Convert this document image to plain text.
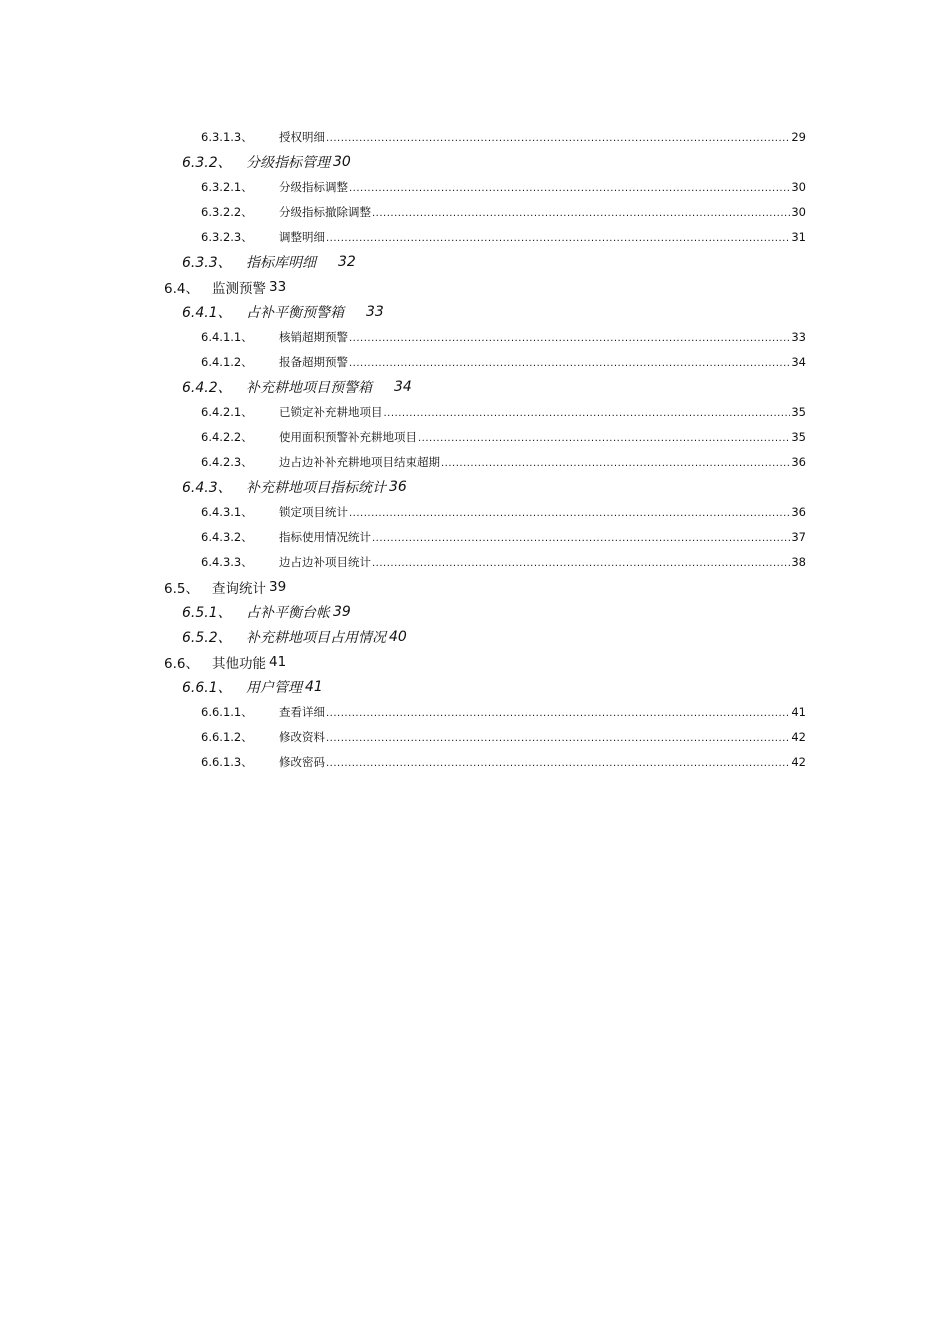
6.3.1.3、	授权明细 .....	29
6.3.2、	分级指标管理 30
6.3.2.1、	分级指标调整 .....	30
6.3.2.2、	分级指标撤除调整 .....	30
6.3.2.3、	调整明细 .....	31
6.3.3、	指标库明细 32
6.4、 监测预警 33
6.4.1、	占补平衡预警箱 33
6.4.1.1、	核销超期预警 .....	33
6.4.1.2、	报备超期预警 .....	34
6.4.2、	补充耕地项目预警箱 34
6.4.2.1、	已锁定补充耕地项目 .....	35
6.4.2.2、	使用面积预警补充耕地项目 .....	35
6.4.2.3、	边占边补补充耕地项目结束超期 .....	36
6.4.3、	补充耕地项目指标统计 36
6.4.3.1、	锁定项目统计 .....	36
6.4.3.2、	指标使用情况统计 .....	37
6.4.3.3、	边占边补项目统计 .....	38
6.5、 查询统计 39
6.5.1、	占补平衡台帐 39
6.5.2、	补充耕地项目占用情况 40
6.6、 其他功能 41
6.6.1、	用户管理 41
6.6.1.1、	查看详细 .....	41
6.6.1.2、	修改资料 .....	42
6.6.1.3、	修改密码 .....	42
